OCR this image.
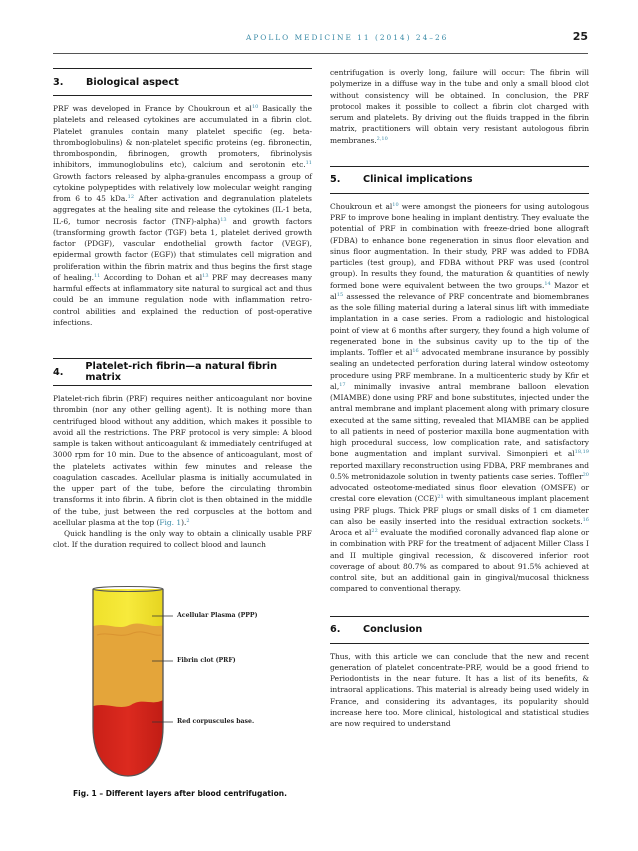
APOLLO MEDICINE 11 (2014) 24–26	25
3.	Biological aspect

PRF was developed in France by Choukroun et $al^{10}$ Basically the platelets and released cytokines are accumulated in a fibrin clot. Platelet granules contain many platelet specific (eg. beta-thromboglobulins) & non-platelet specific proteins (eg. fibronectin, thrombospondin, fibrinogen, growth promoters, fibrinolysis inhibitors, immunoglobulins etc), calcium and serotonin etc.$^{11}$ Growth factors released by alpha-granules encompass a group of cytokine polypeptides with relatively low molecular weight ranging from 6 to 45 kDa.$^{12}$ After activation and degranulation platelets aggregates at the healing site and release the cytokines (IL-1 beta, IL-6, tumor necrosis factor (TNF)-alpha)$^{13}$ and growth factors (transforming growth factor (TGF) beta 1, platelet derived growth factor (PDGF), vascular endothelial growth factor (VEGF), epidermal growth factor (EGF)) that stimulates cell migration and proliferation within the fibrin matrix and thus begins the first stage of healing.$^{11}$ According to Dohan et $al^{13}$ PRF may decreases many harmful effects at inflammatory site natural to surgical act and thus could be an immune regulation node with inflammation retro-control abilities and explained the reduction of post-operative infections.

4.	Platelet-rich fibrin—a natural fibrin matrix

Platelet-rich fibrin (PRF) requires neither anticoagulant nor bovine thrombin (nor any other gelling agent). It is nothing more than centrifuged blood without any addition, which makes it possible to avoid all the restrictions. The PRF protocol is very simple: A blood sample is taken without anticoagulant & immediately centrifuged at 3000 rpm for 10 min. Due to the absence of anticoagulant, most of the platelets activates within few minutes and release the coagulation cascades. Acellular plasma is initially accumulated in the upper part of the tube, before the circulating thrombin transforms it into fibrin. A fibrin clot is then obtained in the middle of the tube, just between the red corpuscles at the bottom and acellular plasma at the top (Fig. 1).$^2$

Quick handling is the only way to obtain a clinically usable PRF clot. If the duration required to collect blood and launch

Acellular Plasma (PPP)
Fibrin clot (PRF)
Red corpuscules base.
Fig. 1 – Different layers after blood centrifugation.

centrifugation is overly long, failure will occur: The fibrin will polymerize in a diffuse way in the tube and only a small blood clot without consistency will be obtained. In conclusion, the PRF protocol makes it possible to collect a fibrin clot charged with serum and platelets. By driving out the fluids trapped in the fibrin matrix, practitioners will obtain very resistant autologous fibrin membranes.$^{2,10}$

5.	Clinical implications

Choukroun et $al^{10}$ were amongst the pioneers for using autologous PRF to improve bone healing in implant dentistry. They evaluate the potential of PRF in combination with freeze-dried bone allograft (FDBA) to enhance bone regeneration in sinus floor elevation and sinus floor augmentation. In their study, PRF was added to FDBA particles (test group), and FDBA without PRF was used (control group). In results they found, the maturation & quantities of newly formed bone were equivalent between the two groups.$^{14}$ Mazor et $al^{15}$ assessed the relevance of PRF concentrate and biomembranes as the sole filling material during a lateral sinus lift with immediate implantation in a case series. From a radiologic and histological point of view at 6 months after surgery, they found a high volume of regenerated bone in the subsinus cavity up to the tip of the implants. Toffler et $al^{16}$ advocated membrane insurance by possibly sealing an undetected perforation during lateral window osteotomy procedure using PRF membrane. In a multicenteric study by Kfir et al,$^{17}$ minimally invasive antral membrane balloon elevation (MIAMBE) done using PRF and bone substitutes, injected under the antral membrane and implant placement along with primary closure executed at the same sitting, revealed that MIAMBE can be applied to all patients in need of posterior maxilla bone augmentation with high procedural success, low complication rate, and satisfactory bone augmentation and implant survival. Simonpieri et al$^{18,19}$ reported maxillary reconstruction using FDBA, PRF membranes and 0.5% metronidazole solution in twenty patients case series. Toffler$^{20}$ advocated osteotome-mediated sinus floor elevation (OMSFE) or crestal core elevation (CCE)$^{21}$ with simultaneous implant placement using PRF plugs. Thick PRF plugs or small disks of 1 cm diameter can also be easily inserted into the residual extraction sockets.$^{16}$ Aroca et $al^{22}$ evaluate the modified coronally advanced flap alone or in combination with PRF for the treatment of adjacent Miller Class I and II multiple gingival recession, & discovered inferior root coverage of about 80.7% as compared to about 91.5% achieved at control site, but an additional gain in gingival/mucosal thickness compared to conventional therapy.

6.	Conclusion

Thus, with this article we can conclude that the new and recent generation of platelet concentrate-PRF, would be a good friend to Periodontists in the near future. It has a list of its benefits, & intraoral applications. This material is already being used widely in France, and considering its advantages, its popularity should increase here too. More clinical, histological and statistical studies are now required to understand
